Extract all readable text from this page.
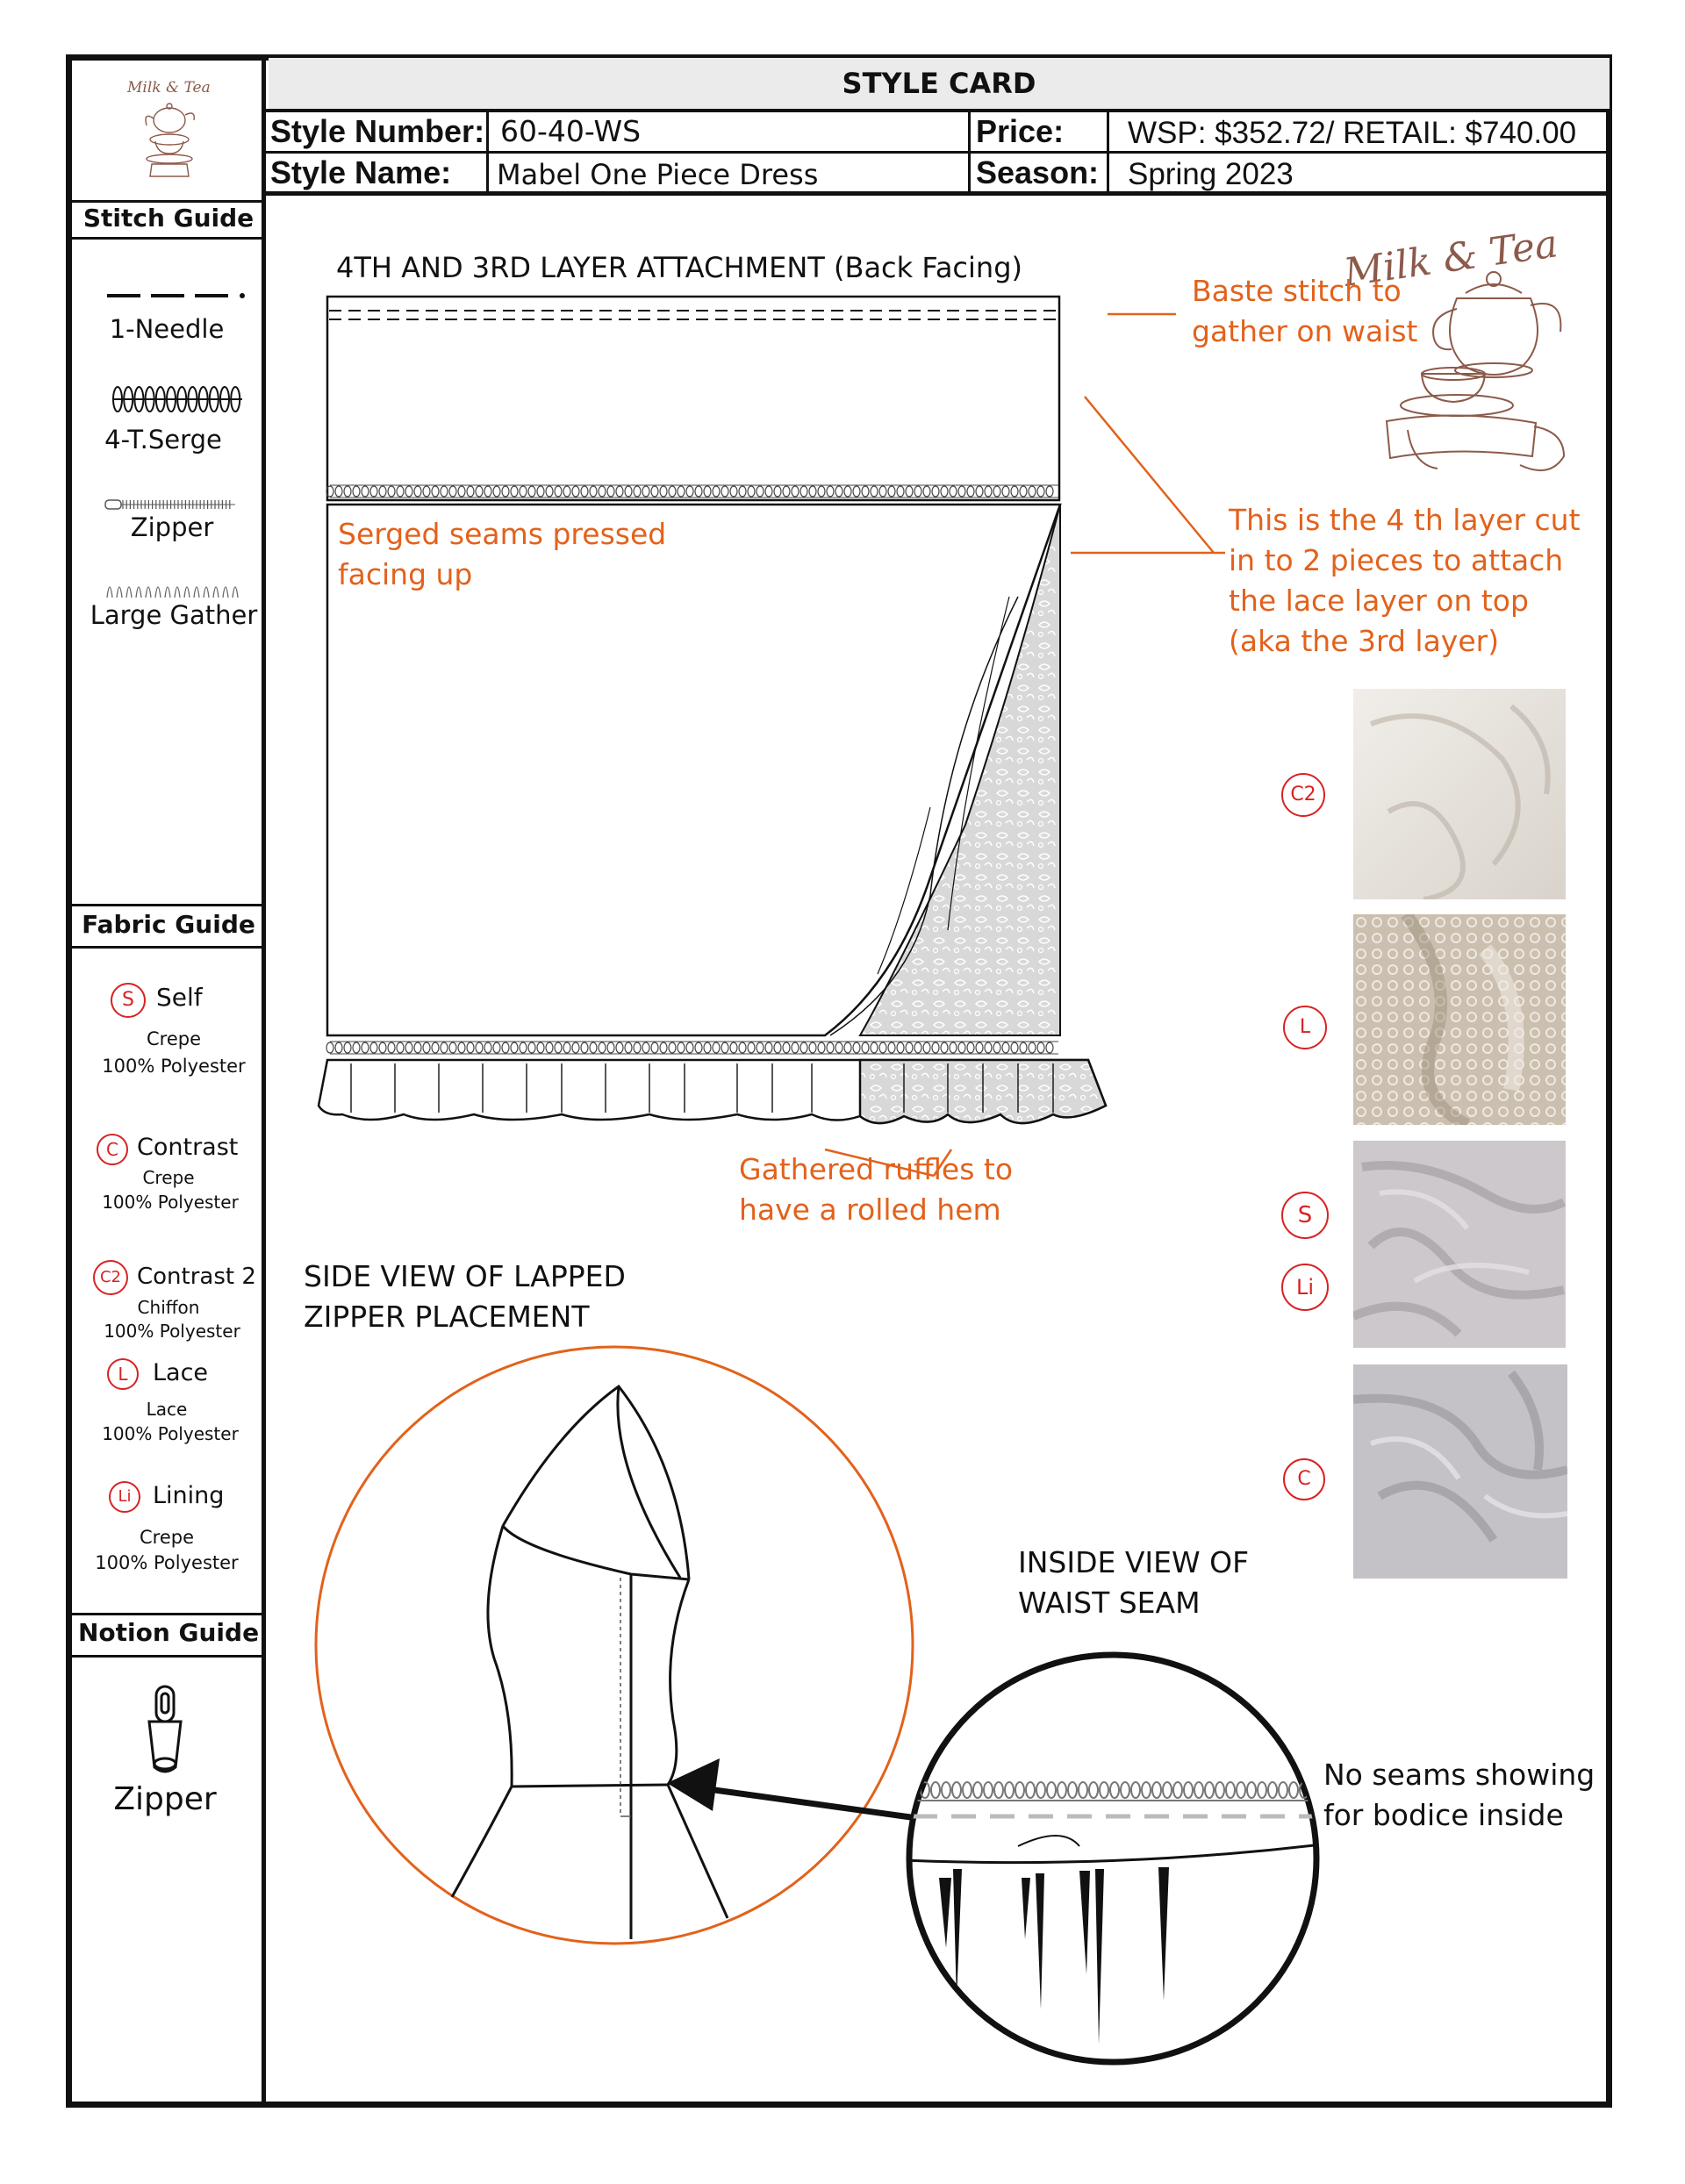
STYLE CARD
Style Number: 60-40-WS	Price: WSP: $352.72/ RETAIL: $740.00
Style Name: Mabel One Piece Dress	Season: Spring 2023
Milk & Tea
Stitch Guide
1-Needle
4-T.Serge
Zipper
Large Gather
Fabric Guide
S Self
Crepe
100% Polyester
C Contrast
Crepe
100% Polyester
C2 Contrast 2
Chiffon
100% Polyester
L	Lace
Lace
100% Polyester
Li Lining
Crepe
100% Polyester
Notion Guide
Zipper
4TH AND 3RD LAYER ATTACHMENT (Back Facing)	Milk & Tea
Baste stitch to
gather on waist
This is the 4 th layer cut
in to 2 pieces to attach
the lace layer on top
(aka the 3rd layer)
Serged seams pressed
facing up
Gathered ruffles to
have a rolled hem
SIDE VIEW OF LAPPED
ZIPPER PLACEMENT
INSIDE VIEW OF
WAIST SEAM
No seams showing
for bodice inside
C2
L
S
Li
C
